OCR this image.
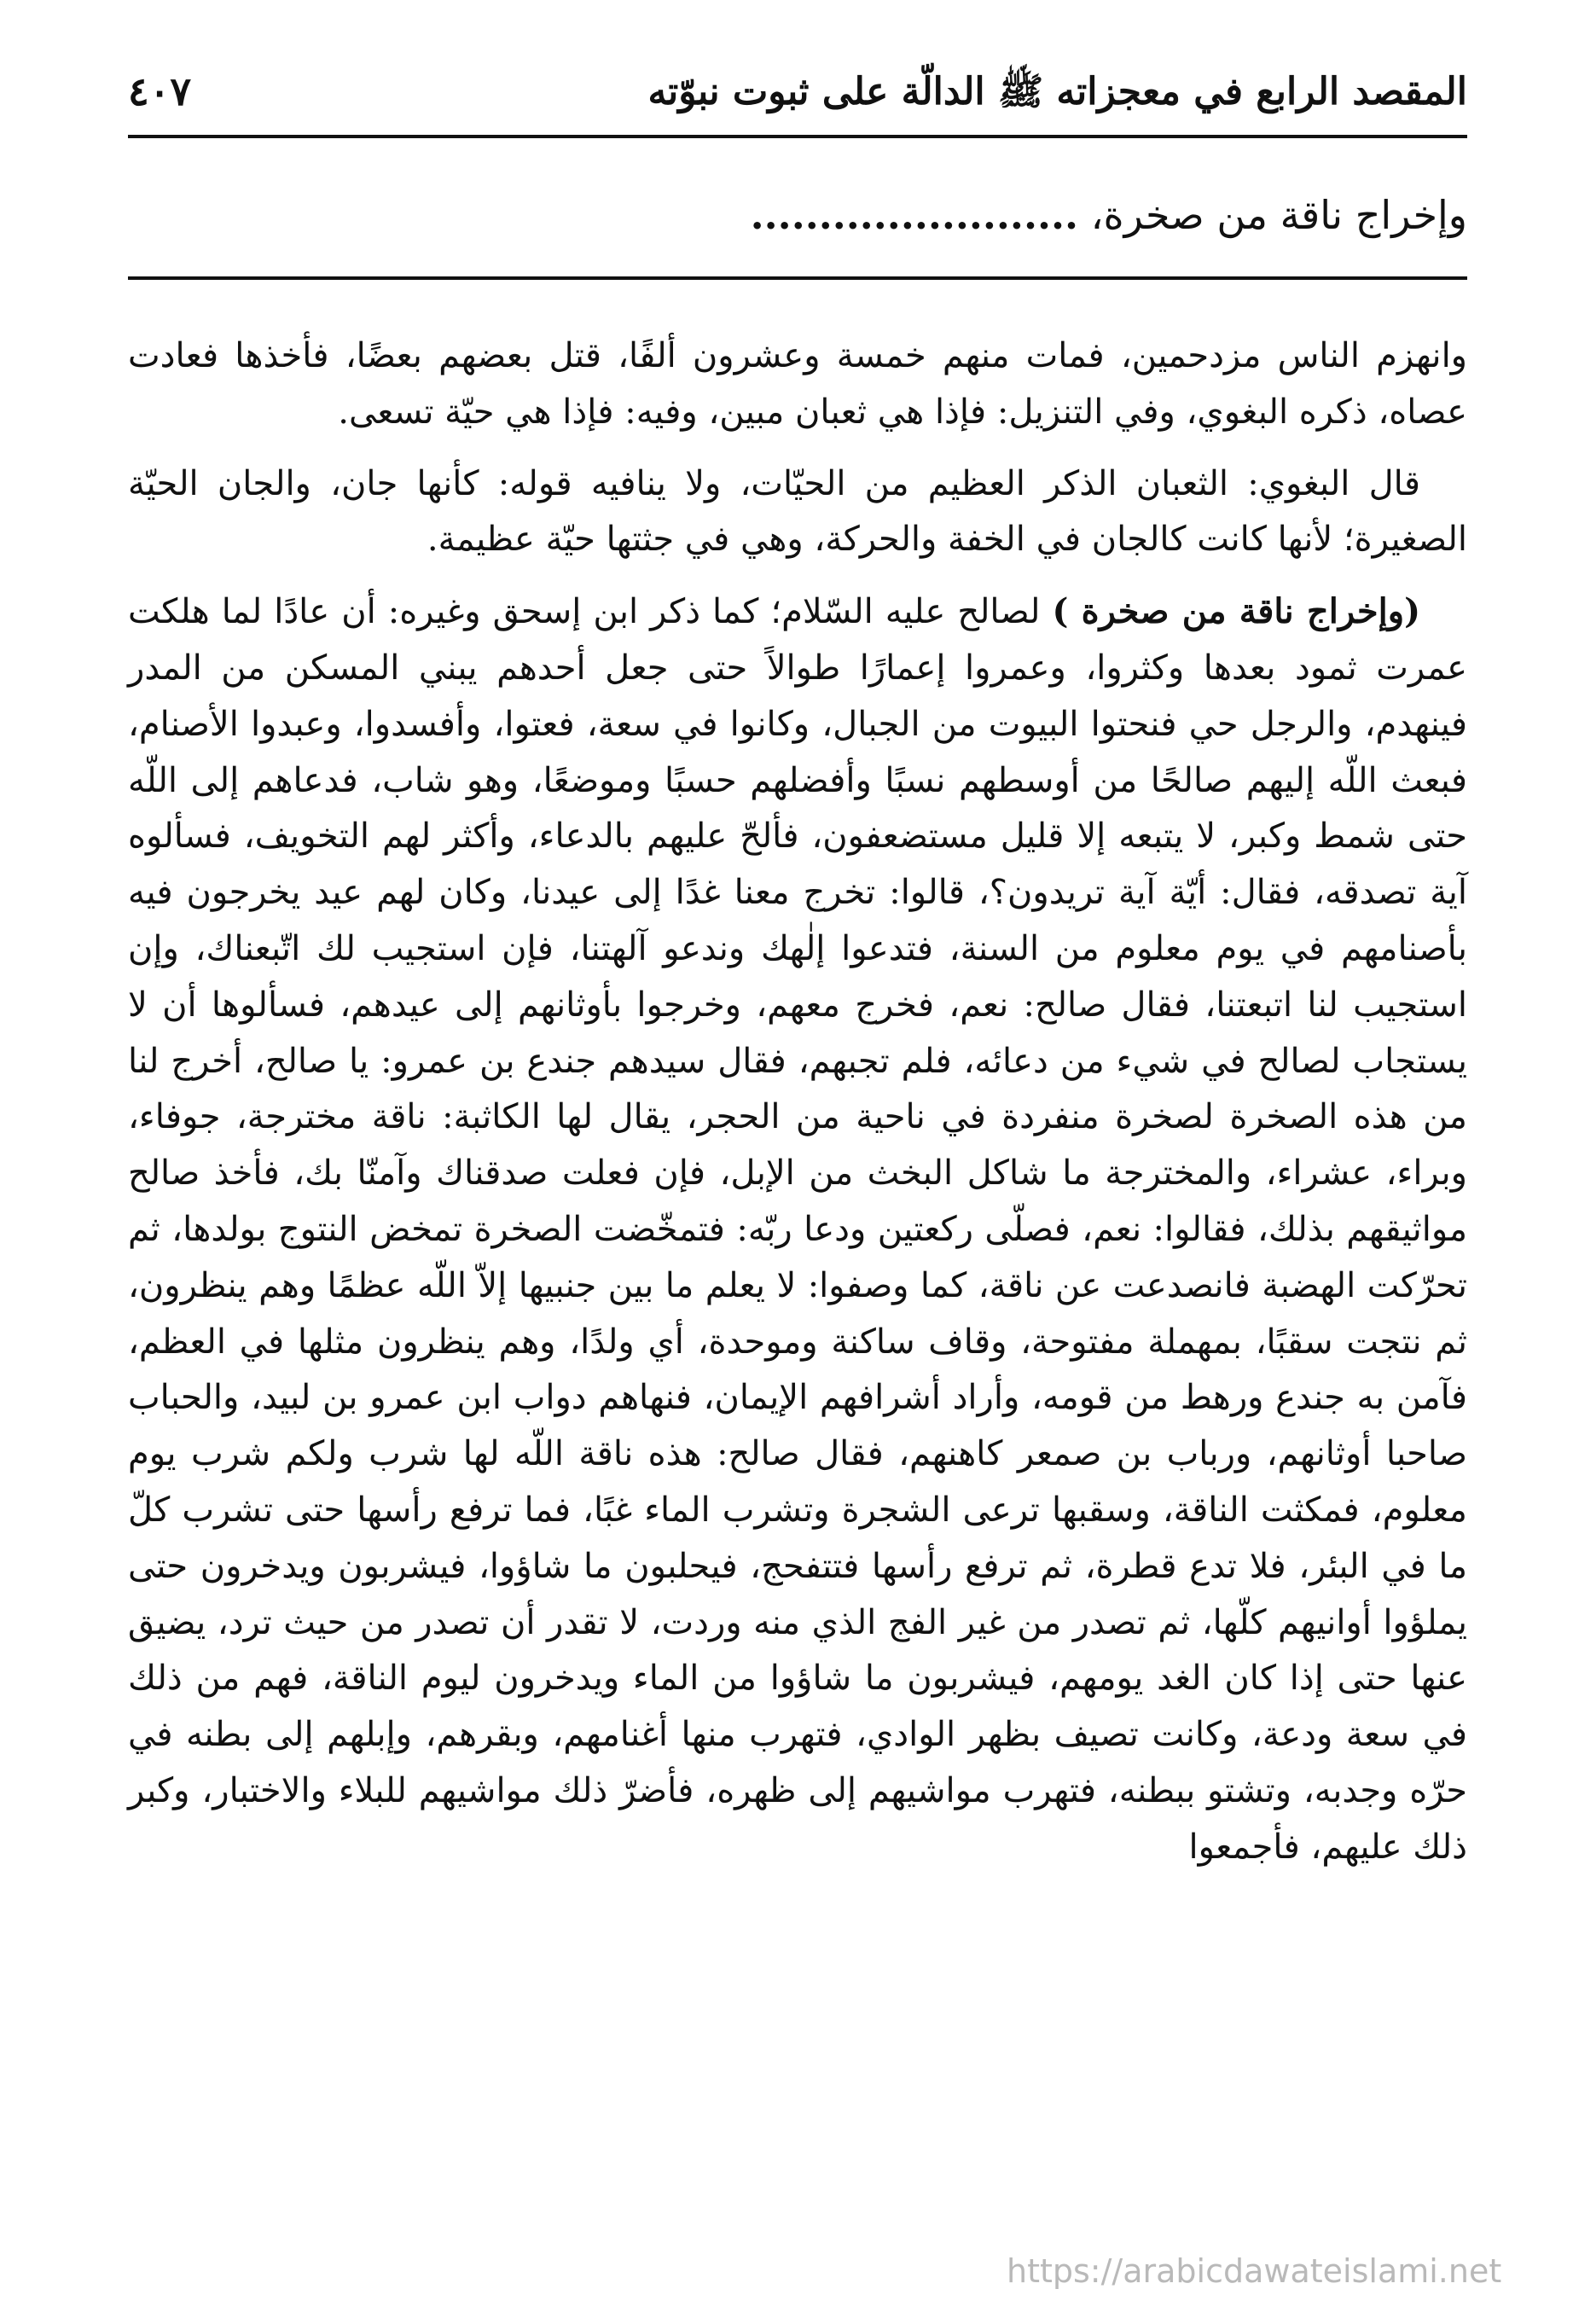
المقصد الرابع في معجزاته ﷺ الدالّة على ثبوت نبوّته
٤٠٧
وإخراج ناقة من صخرة، ........................

وانهزم الناس مزدحمين، فمات منهم خمسة وعشرون ألفًا، قتل بعضهم بعضًا، فأخذها فعادت عصاه، ذكره البغوي، وفي التنزيل: فإذا هي ثعبان مبين، وفيه: فإذا هي حيّة تسعى.

قال البغوي: الثعبان الذكر العظيم من الحيّات، ولا ينافيه قوله: كأنها جان، والجان الحيّة الصغيرة؛ لأنها كانت كالجان في الخفة والحركة، وهي في جثتها حيّة عظيمة.

(وإخراج ناقة من صخرة ) لصالح عليه السّلام؛ كما ذكر ابن إسحق وغيره: أن عادًا لما هلكت عمرت ثمود بعدها وكثروا، وعمروا إعمارًا طوالاً حتى جعل أحدهم يبني المسكن من المدر فينهدم، والرجل حي فنحتوا البيوت من الجبال، وكانوا في سعة، فعتوا، وأفسدوا، وعبدوا الأصنام، فبعث اللّه إليهم صالحًا من أوسطهم نسبًا وأفضلهم حسبًا وموضعًا، وهو شاب، فدعاهم إلى اللّه حتى شمط وكبر، لا يتبعه إلا قليل مستضعفون، فألحّ عليهم بالدعاء، وأكثر لهم التخويف، فسألوه آية تصدقه، فقال: أيّة آية تريدون؟، قالوا: تخرج معنا غدًا إلى عيدنا، وكان لهم عيد يخرجون فيه بأصنامهم في يوم معلوم من السنة، فتدعوا إلٰهك وندعو آلهتنا، فإن استجيب لك اتّبعناك، وإن استجيب لنا اتبعتنا، فقال صالح: نعم، فخرج معهم، وخرجوا بأوثانهم إلى عيدهم، فسألوها أن لا يستجاب لصالح في شيء من دعائه، فلم تجبهم، فقال سيدهم جندع بن عمرو: يا صالح، أخرج لنا من هذه الصخرة لصخرة منفردة في ناحية من الحجر، يقال لها الكاثبة: ناقة مخترجة، جوفاء، وبراء، عشراء، والمخترجة ما شاكل البخث من الإبل، فإن فعلت صدقناك وآمنّا بك، فأخذ صالح مواثيقهم بذلك، فقالوا: نعم، فصلّى ركعتين ودعا ربّه: فتمخّضت الصخرة تمخض النتوج بولدها، ثم تحرّكت الهضبة فانصدعت عن ناقة، كما وصفوا: لا يعلم ما بين جنبيها إلاّ اللّه عظمًا وهم ينظرون، ثم نتجت سقبًا، بمهملة مفتوحة، وقاف ساكنة وموحدة، أي ولدًا، وهم ينظرون مثلها في العظم، فآمن به جندع ورهط من قومه، وأراد أشرافهم الإيمان، فنهاهم دواب ابن عمرو بن لبيد، والحباب صاحبا أوثانهم، ورباب بن صمعر كاهنهم، فقال صالح: هذه ناقة اللّه لها شرب ولكم شرب يوم معلوم، فمكثت الناقة، وسقبها ترعى الشجرة وتشرب الماء غبًا، فما ترفع رأسها حتى تشرب كلّ ما في البئر، فلا تدع قطرة، ثم ترفع رأسها فتتفحج، فيحلبون ما شاؤوا، فيشربون ويدخرون حتى يملؤوا أوانيهم كلّها، ثم تصدر من غير الفج الذي منه وردت، لا تقدر أن تصدر من حيث ترد، يضيق عنها حتى إذا كان الغد يومهم، فيشربون ما شاؤوا من الماء ويدخرون ليوم الناقة، فهم من ذلك في سعة ودعة، وكانت تصيف بظهر الوادي، فتهرب منها أغنامهم، وبقرهم، وإبلهم إلى بطنه في حرّه وجدبه، وتشتو ببطنه، فتهرب مواشيهم إلى ظهره، فأضرّ ذلك مواشيهم للبلاء والاختبار، وكبر ذلك عليهم، فأجمعوا

https://arabicdawateislami.net
